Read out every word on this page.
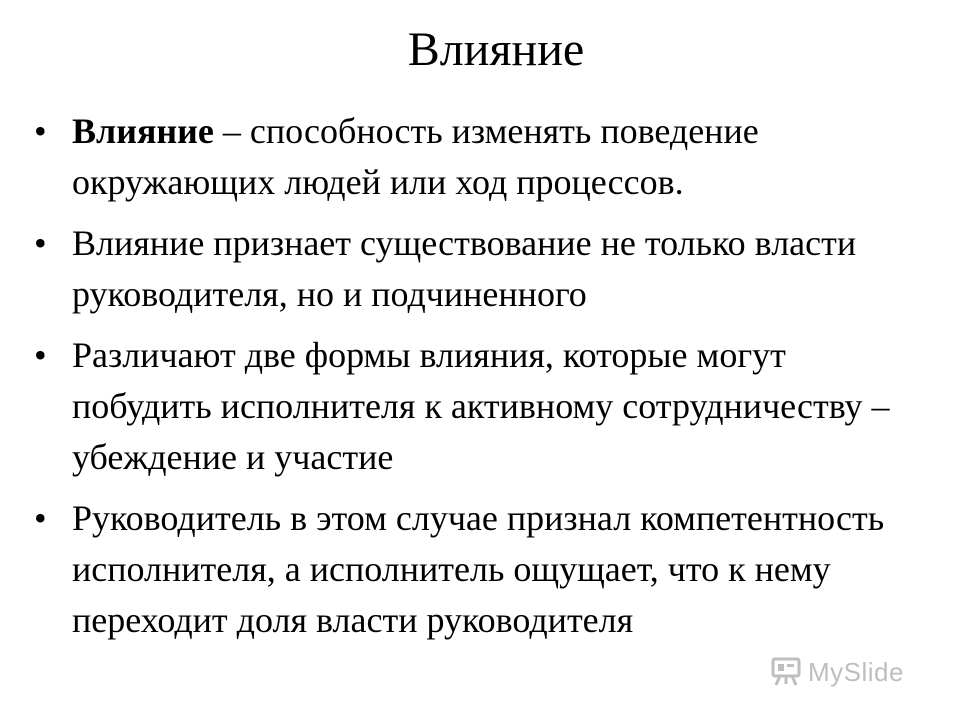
Влияние
• Влияние – способность изменять поведение окружающих людей или ход процессов.
• Влияние признает существование не только власти руководителя, но и подчиненного
• Различают две формы влияния, которые могут побудить исполнителя к активному сотрудничеству – убеждение и участие
• Руководитель в этом случае признал компетентность исполнителя, а исполнитель ощущает, что к нему переходит доля власти руководителя
MySlide
